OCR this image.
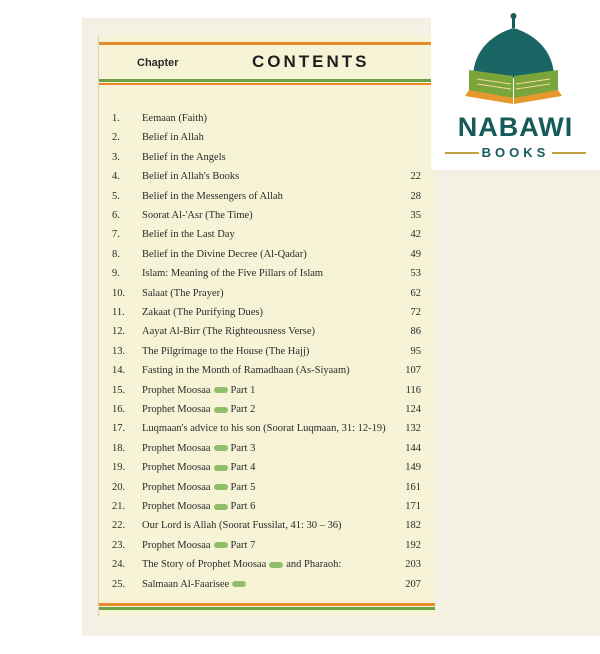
Chapter	CONTENTS
1. Eemaan (Faith)
2. Belief in Allah
3. Belief in the Angels
4. Belief in Allah's Books	22
5. Belief in the Messengers of Allah	28
6. Soorat Al-'Asr (The Time)	35
7. Belief in the Last Day	42
8. Belief in the Divine Decree (Al-Qadar)	49
9. Islam: Meaning of the Five Pillars of Islam	53
10. Salaat (The Prayer)	62
11. Zakaat (The Purifying Dues)	72
12. Aayat Al-Birr (The Righteousness Verse)	86
13. The Pilgrimage to the House (The Hajj)	95
14. Fasting in the Month of Ramadhaan (As-Siyaam)	107
15. Prophet Moosaa Part 1	116
16. Prophet Moosaa Part 2	124
17. Luqmaan's advice to his son (Soorat Luqmaan, 31: 12-19) 132
18. Prophet Moosaa Part 3	144
19. Prophet Moosaa Part 4	149
20. Prophet Moosaa Part 5	161
21. Prophet Moosaa Part 6	171
22. Our Lord is Allah (Soorat Fussilat, 41: 30 – 36)	182
23. Prophet Moosaa Part 7	192
24. The Story of Prophet Moosaa and Pharaoh:	203
25. Salmaan Al-Faarisee	207
NABAWI
BOOKS
